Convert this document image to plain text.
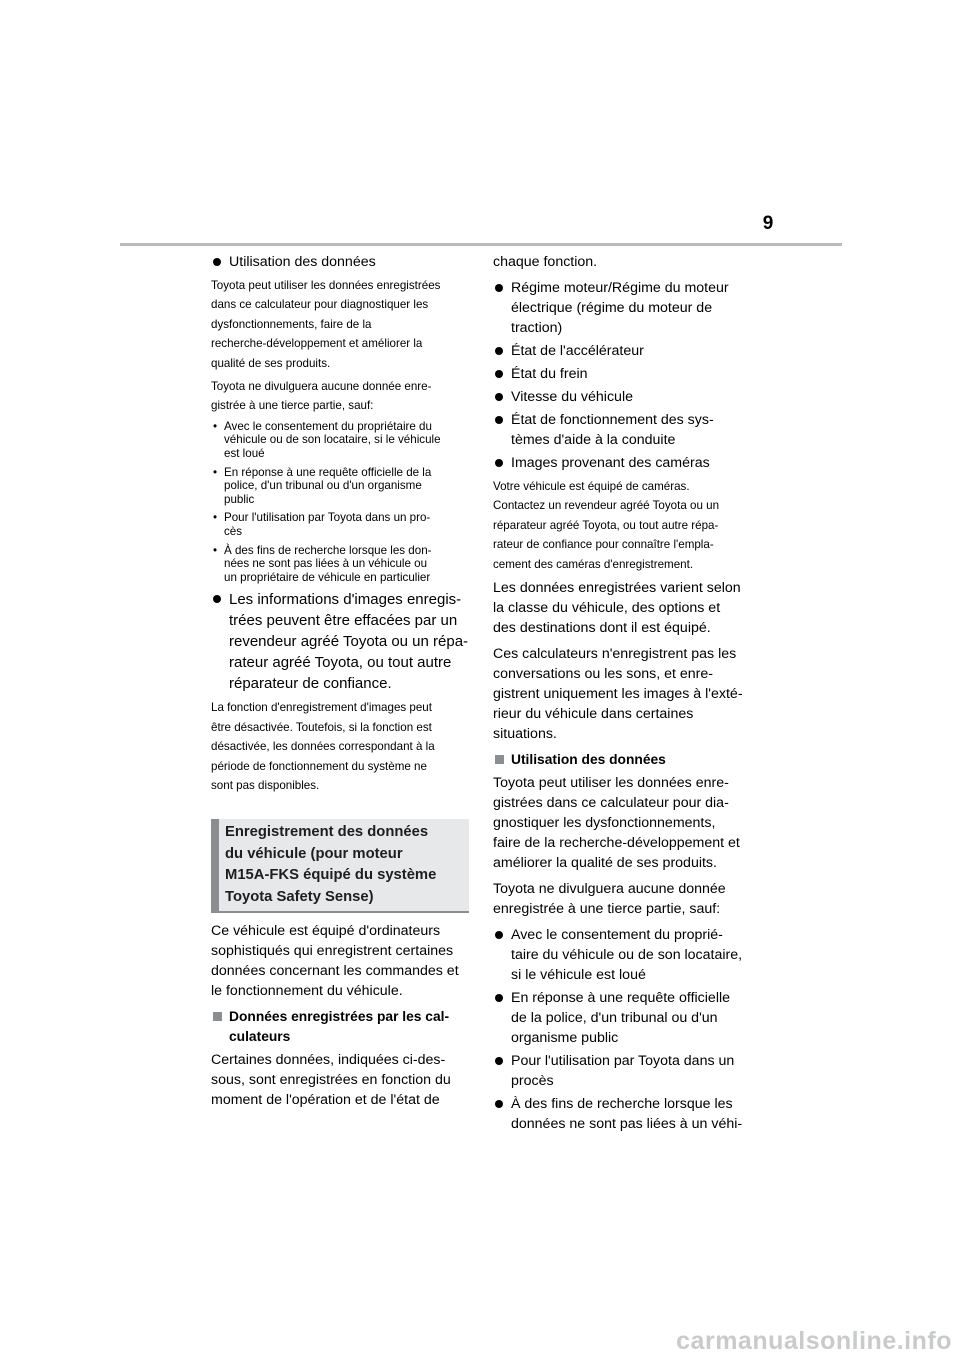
9
Utilisation des données
Toyota peut utiliser les données enregistrées
dans ce calculateur pour diagnostiquer les
dysfonctionnements, faire de la
recherche-développement et améliorer la
qualité de ses produits.
Toyota ne divulguera aucune donnée enre-
gistrée à une tierce partie, sauf:
• Avec le consentement du propriétaire du
véhicule ou de son locataire, si le véhicule
est loué
• En réponse à une requête officielle de la
police, d'un tribunal ou d'un organisme
public
• Pour l'utilisation par Toyota dans un pro-
cès
• À des fins de recherche lorsque les don-
nées ne sont pas liées à un véhicule ou
un propriétaire de véhicule en particulier
Les informations d'images enregis-
trées peuvent être effacées par un
revendeur agréé Toyota ou un répa-
rateur agréé Toyota, ou tout autre
réparateur de confiance.
La fonction d'enregistrement d'images peut
être désactivée. Toutefois, si la fonction est
désactivée, les données correspondant à la
période de fonctionnement du système ne
sont pas disponibles.
Enregistrement des données
du véhicule (pour moteur
M15A-FKS équipé du système
Toyota Safety Sense)
Ce véhicule est équipé d'ordinateurs
sophistiqués qui enregistrent certaines
données concernant les commandes et
le fonctionnement du véhicule.
Données enregistrées par les cal-
culateurs
Certaines données, indiquées ci-des-
sous, sont enregistrées en fonction du
moment de l'opération et de l'état de
chaque fonction.
Régime moteur/Régime du moteur
électrique (régime du moteur de
traction)
État de l'accélérateur
État du frein
Vitesse du véhicule
État de fonctionnement des sys-
tèmes d'aide à la conduite
Images provenant des caméras
Votre véhicule est équipé de caméras.
Contactez un revendeur agréé Toyota ou un
réparateur agréé Toyota, ou tout autre répa-
rateur de confiance pour connaître l'empla-
cement des caméras d'enregistrement.
Les données enregistrées varient selon
la classe du véhicule, des options et
des destinations dont il est équipé.
Ces calculateurs n'enregistrent pas les
conversations ou les sons, et enre-
gistrent uniquement les images à l'exté-
rieur du véhicule dans certaines
situations.
Utilisation des données
Toyota peut utiliser les données enre-
gistrées dans ce calculateur pour dia-
gnostiquer les dysfonctionnements,
faire de la recherche-développement et
améliorer la qualité de ses produits.
Toyota ne divulguera aucune donnée
enregistrée à une tierce partie, sauf:
Avec le consentement du proprié-
taire du véhicule ou de son locataire,
si le véhicule est loué
En réponse à une requête officielle
de la police, d'un tribunal ou d'un
organisme public
Pour l'utilisation par Toyota dans un
procès
À des fins de recherche lorsque les
données ne sont pas liées à un véhi-
carmanualsonline.info
